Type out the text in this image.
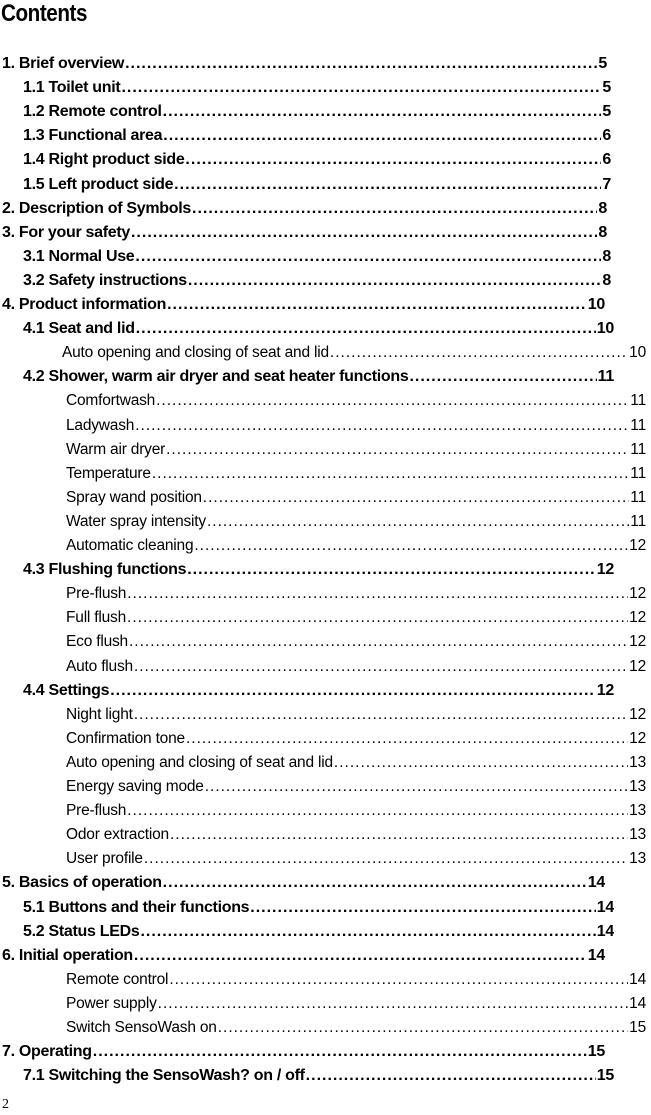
Contents
1. Brief overview .....	5
1.1 Toilet unit .....	5
1.2 Remote control .....	5
1.3 Functional area .....	6
1.4 Right product side .....	6
1.5 Left product side .....	7
2. Description of Symbols .....	8
3. For your safety .....	8
3.1 Normal Use .....	8
3.2 Safety instructions .....	8
4. Product information .....	10
4.1 Seat and lid .....	10
Auto opening and closing of seat and lid .....	10
4.2 Shower, warm air dryer and seat heater functions .....	11
Comfortwash .....	11
Ladywash .....	11
Warm air dryer .....	11
Temperature .....	11
Spray wand position .....	11
Water spray intensity .....	11
Automatic cleaning .....	12
4.3 Flushing functions .....	12
Pre-flush .....	12
Full flush .....	12
Eco flush .....	12
Auto flush .....	12
4.4 Settings .....	12
Night light .....	12
Confirmation tone .....	12
Auto opening and closing of seat and lid .....	13
Energy saving mode .....	13
Pre-flush .....	13
Odor extraction .....	13
User profile .....	13
5. Basics of operation .....	14
5.1 Buttons and their functions .....	14
5.2 Status LEDs .....	14
6. Initial operation .....	14
Remote control .....	14
Power supply .....	14
Switch SensoWash on .....	15
7. Operating .....	15
7.1 Switching the SensoWash? on / off .....	15
2
